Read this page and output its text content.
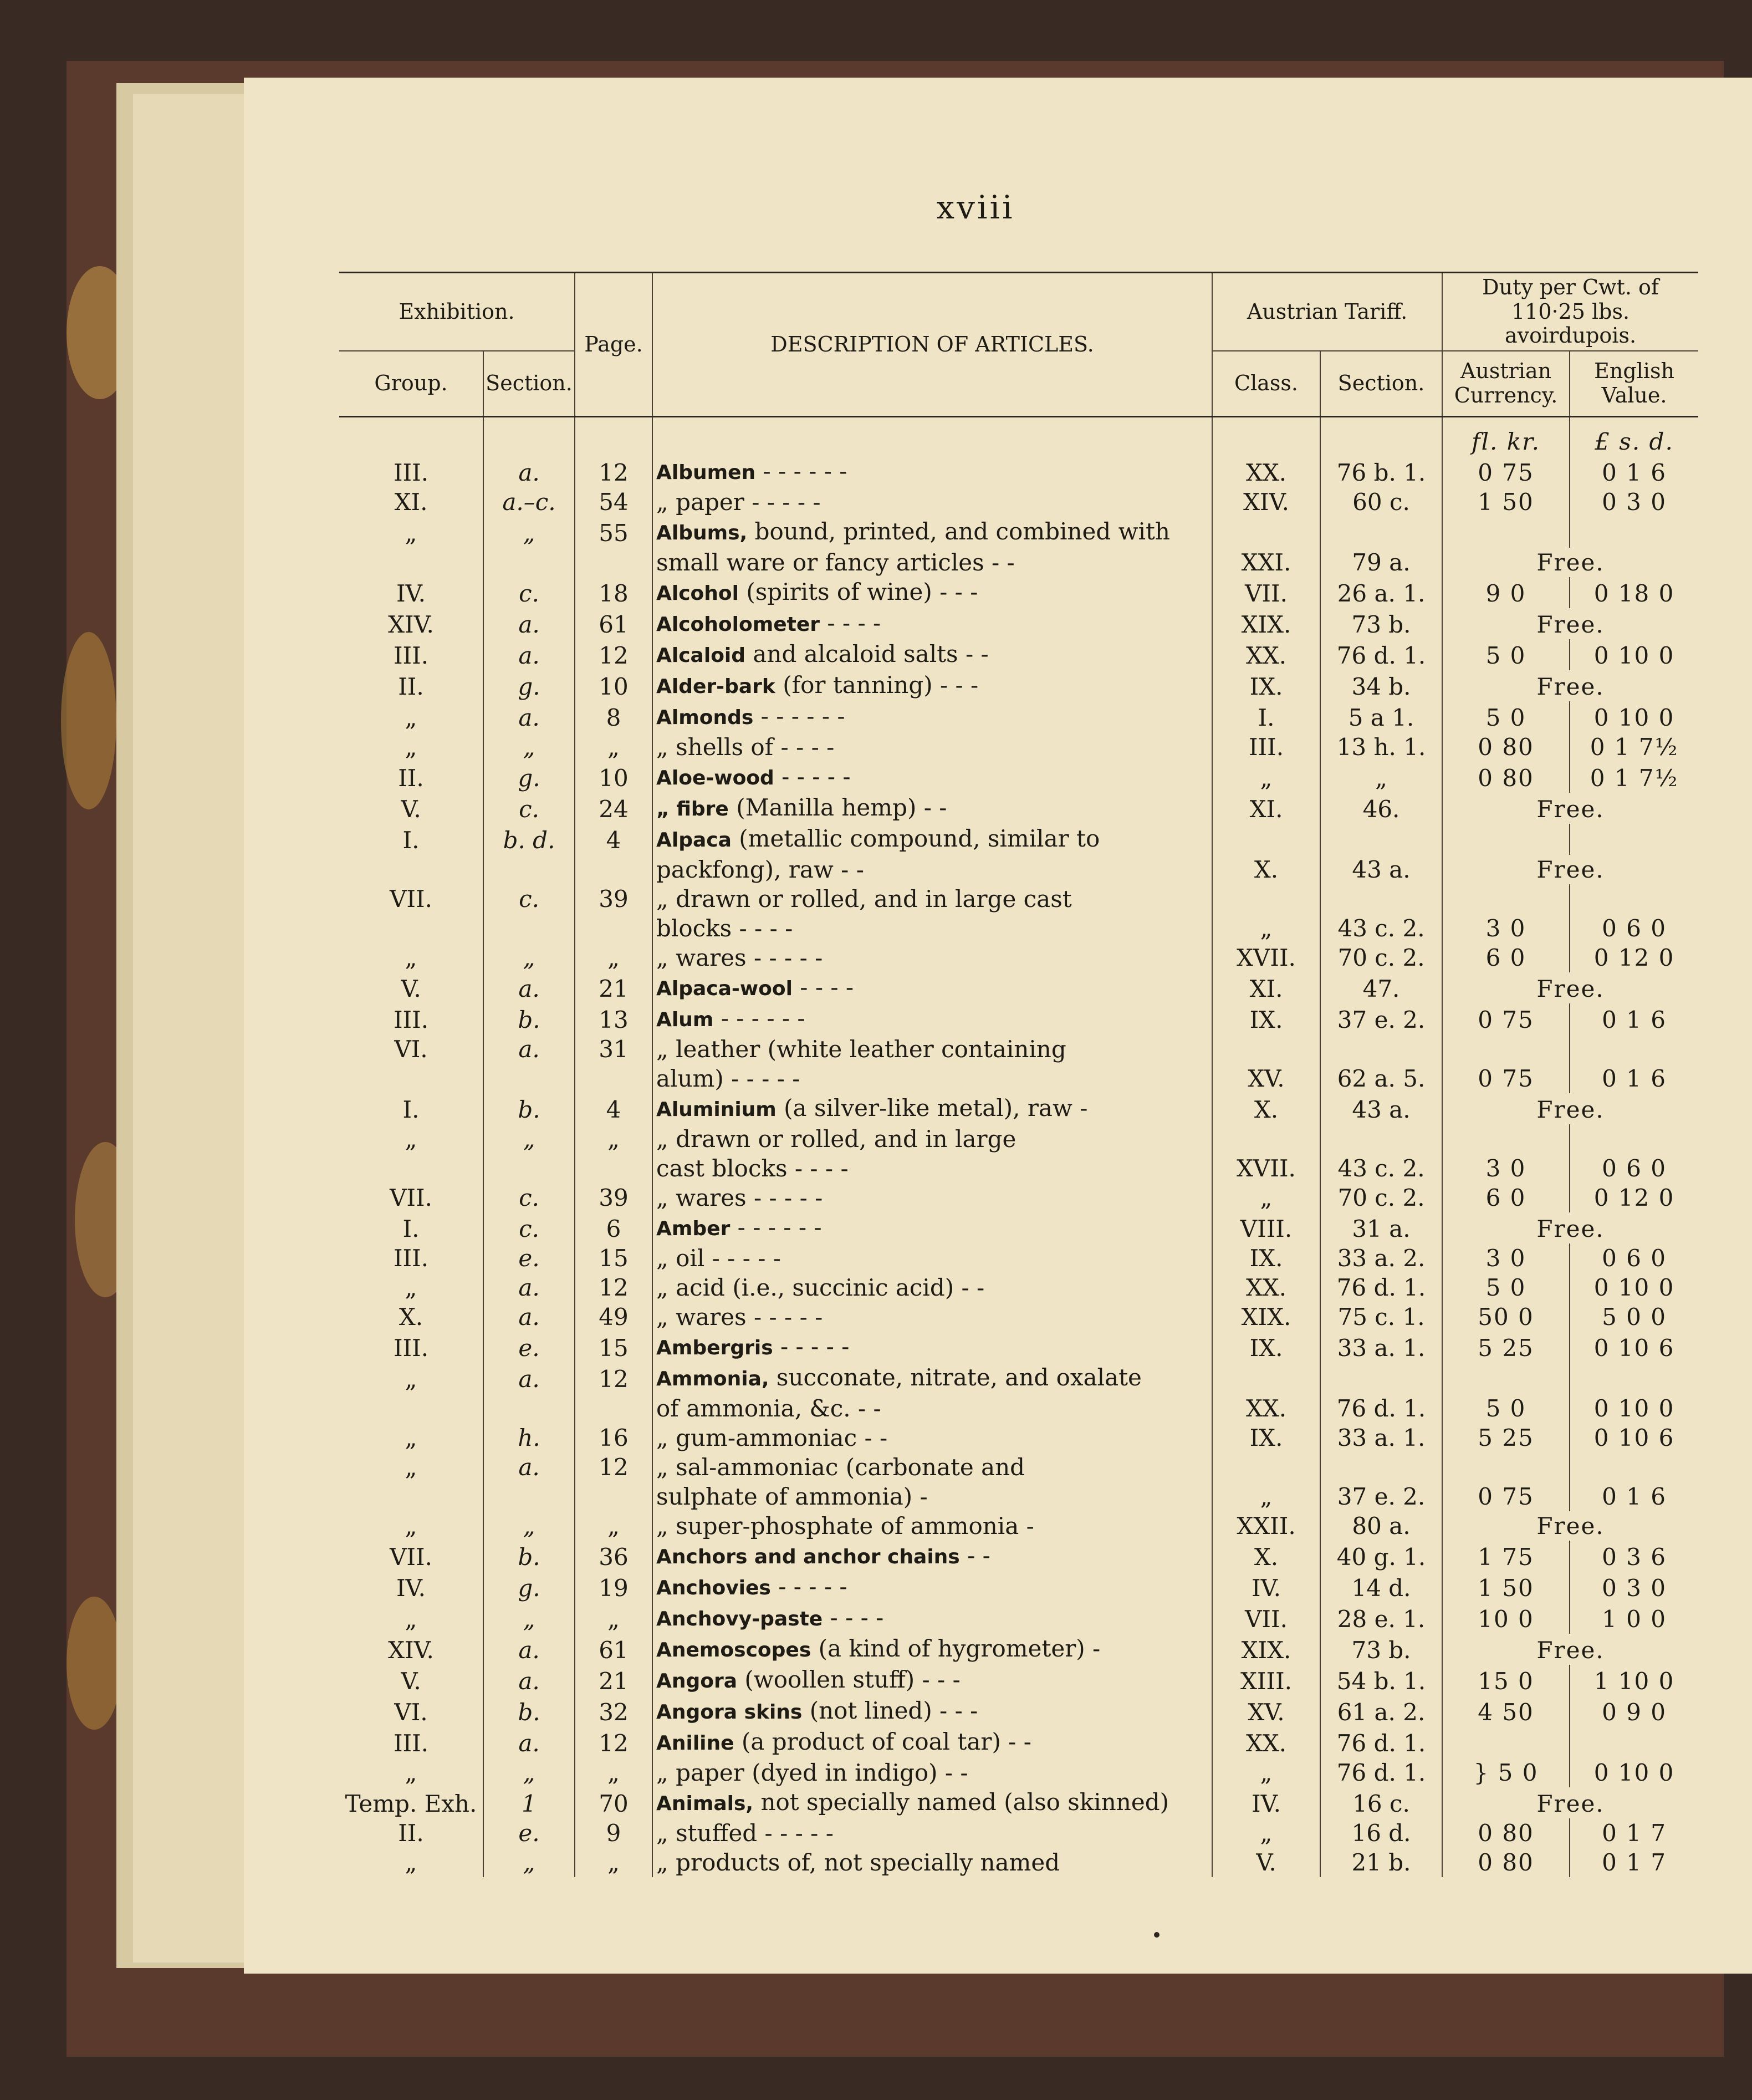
xviii
Exhibition.		Page.	DESCRIPTION OF ARTICLES.	Austrian Tariff.		Duty per Cwt. of 110·25 lbs. avoirdupois.	
Group.	Section.			Class.	Section.	Austrian Currency.	English Value.
						fl. kr.	£ s. d.
III.	a.	12	Albumen - - - - - -	XX.	76 b. 1.	0 75	0 1 6
XI.	a.–c.	54	„ paper - - - - -	XIV.	60 c.	1 50	0 3 0
„	„	55	Albums, bound, printed, and combined with				
			small ware or fancy articles - -	XXI.	79 a.	Free.	
IV.	c.	18	Alcohol (spirits of wine) - - -	VII.	26 a. 1.	9 0	0 18 0
XIV.	a.	61	Alcoholometer - - - -	XIX.	73 b.	Free.	
III.	a.	12	Alcaloid and alcaloid salts - -	XX.	76 d. 1.	5 0	0 10 0
II.	g.	10	Alder-bark (for tanning) - - -	IX.	34 b.	Free.	
„	a.	8	Almonds - - - - - -	I.	5 a 1.	5 0	0 10 0
„	„	„	„ shells of - - - -	III.	13 h. 1.	0 80	0 1 7½
II.	g.	10	Aloe-wood - - - - -	„	„	0 80	0 1 7½
V.	c.	24	„ fibre (Manilla hemp) - -	XI.	46.	Free.	
I.	b. d.	4	Alpaca (metallic compound, similar to				
			packfong), raw - -	X.	43 a.	Free.	
VII.	c.	39	„ drawn or rolled, and in large cast				
			blocks - - - -	„	43 c. 2.	3 0	0 6 0
„	„	„	„ wares - - - - -	XVII.	70 c. 2.	6 0	0 12 0
V.	a.	21	Alpaca-wool - - - -	XI.	47.	Free.	
III.	b.	13	Alum - - - - - -	IX.	37 e. 2.	0 75	0 1 6
VI.	a.	31	„ leather (white leather containing				
			alum) - - - - -	XV.	62 a. 5.	0 75	0 1 6
I.	b.	4	Aluminium (a silver-like metal), raw -	X.	43 a.	Free.	
„	„	„	„ drawn or rolled, and in large				
			cast blocks - - - -	XVII.	43 c. 2.	3 0	0 6 0
VII.	c.	39	„ wares - - - - -	„	70 c. 2.	6 0	0 12 0
I.	c.	6	Amber - - - - - -	VIII.	31 a.	Free.	
III.	e.	15	„ oil - - - - -	IX.	33 a. 2.	3 0	0 6 0
„	a.	12	„ acid (i.e., succinic acid) - -	XX.	76 d. 1.	5 0	0 10 0
X.	a.	49	„ wares - - - - -	XIX.	75 c. 1.	50 0	5 0 0
III.	e.	15	Ambergris - - - - -	IX.	33 a. 1.	5 25	0 10 6
„	a.	12	Ammonia, succonate, nitrate, and oxalate				
			of ammonia, &c. - -	XX.	76 d. 1.	5 0	0 10 0
„	h.	16	„ gum-ammoniac - -	IX.	33 a. 1.	5 25	0 10 6
„	a.	12	„ sal-ammoniac (carbonate and				
			sulphate of ammonia) -	„	37 e. 2.	0 75	0 1 6
„	„	„	„ super-phosphate of ammonia -	XXII.	80 a.	Free.	
VII.	b.	36	Anchors and anchor chains - -	X.	40 g. 1.	1 75	0 3 6
IV.	g.	19	Anchovies - - - - -	IV.	14 d.	1 50	0 3 0
„	„	„	Anchovy-paste - - - -	VII.	28 e. 1.	10 0	1 0 0
XIV.	a.	61	Anemoscopes (a kind of hygrometer) -	XIX.	73 b.	Free.	
V.	a.	21	Angora (woollen stuff) - - -	XIII.	54 b. 1.	15 0	1 10 0
VI.	b.	32	Angora skins (not lined) - - -	XV.	61 a. 2.	4 50	0 9 0
III.	a.	12	Aniline (a product of coal tar) - -	XX.	76 d. 1.		
„	„	„	„ paper (dyed in indigo) - -	„	76 d. 1.	} 5 0	0 10 0
Temp. Exh.	1	70	Animals, not specially named (also skinned)	IV.	16 c.	Free.	
II.	e.	9	„ stuffed - - - - -	„	16 d.	0 80	0 1 7
„	„	„	„ products of, not specially named	V.	21 b.	0 80	0 1 7
